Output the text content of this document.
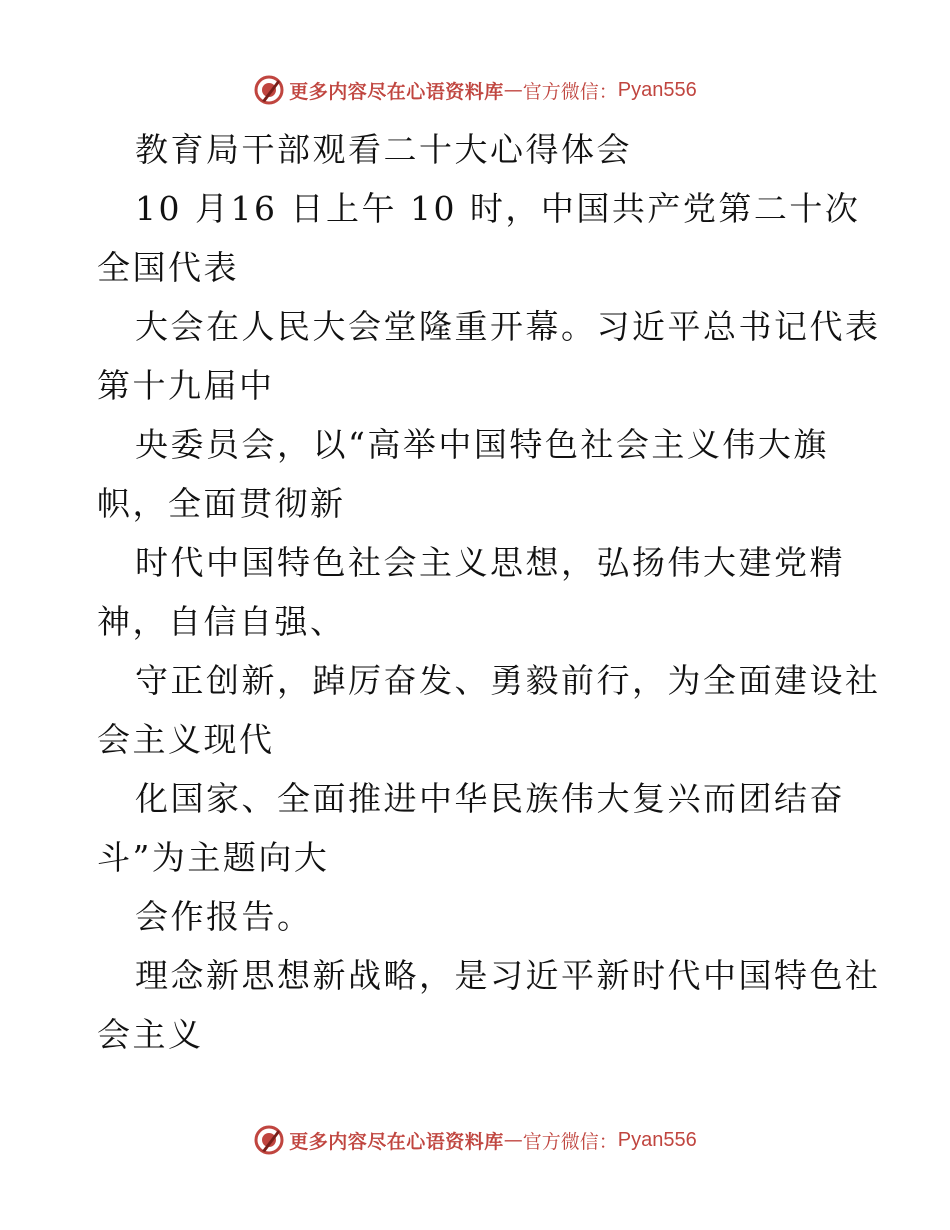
更多内容尽在心语资料库 — 官方微信： Pyan556
教育局干部观看二十大心得体会
10 月16 日上午 10 时，中国共产党第二十次
全国代表
大会在人民大会堂隆重开幕。习近平总书记代表
第十九届中
央委员会，以“高举中国特色社会主义伟大旗
帜，全面贯彻新
时代中国特色社会主义思想，弘扬伟大建党精
神，自信自强、
守正创新，踔厉奋发、勇毅前行，为全面建设社
会主义现代
化国家、全面推进中华民族伟大复兴而团结奋
斗”为主题向大
会作报告。
理念新思想新战略，是习近平新时代中国特色社
会主义
更多内容尽在心语资料库 — 官方微信： Pyan556
